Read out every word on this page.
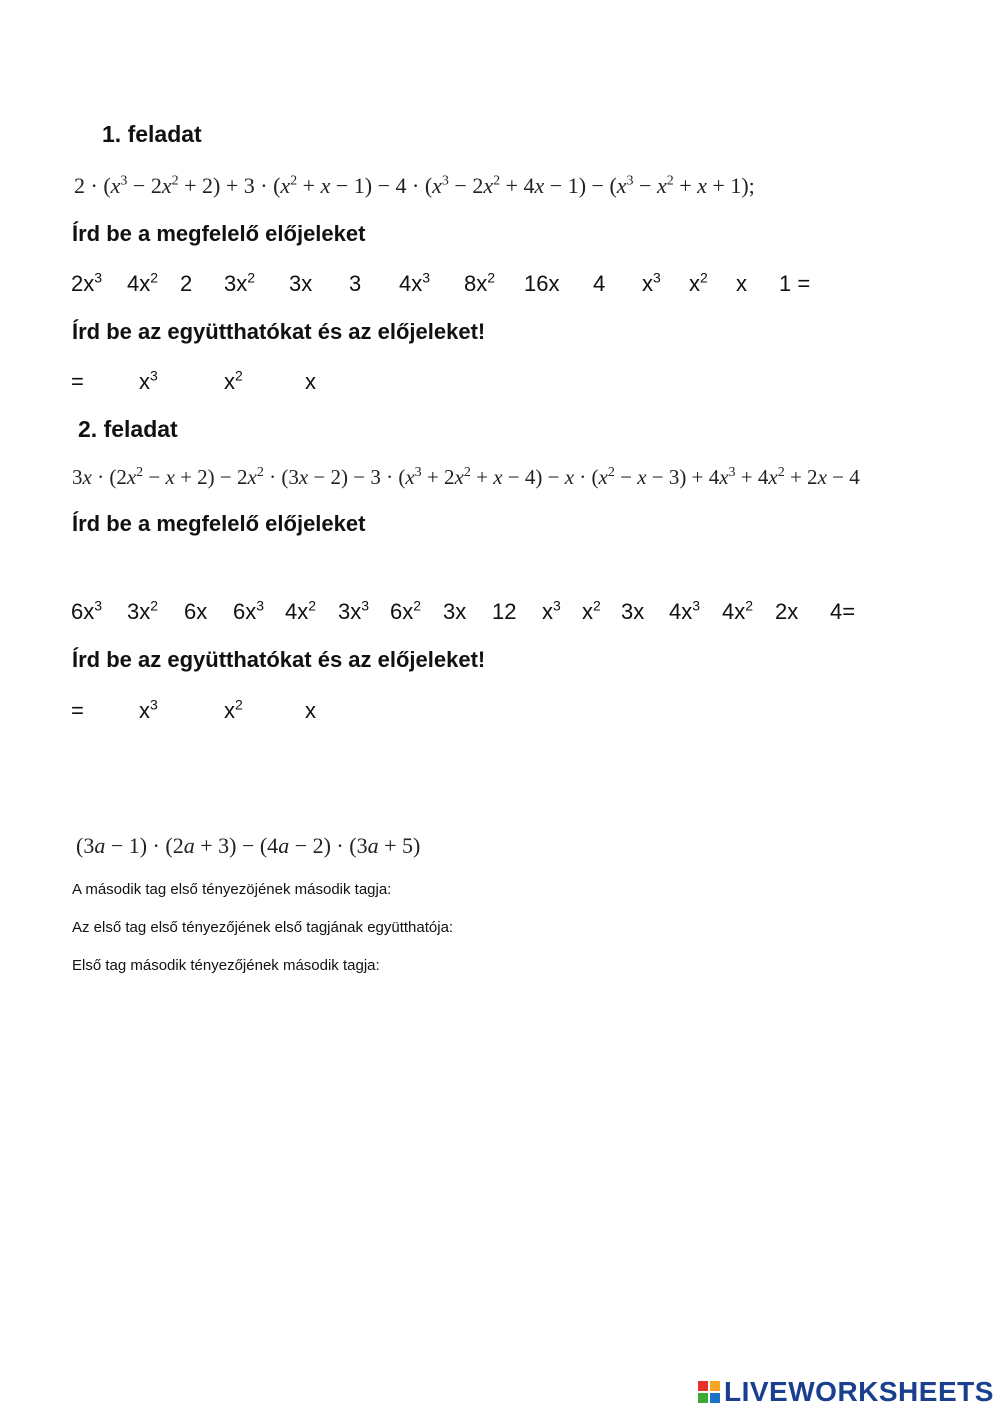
1. feladat
$2 \cdot (x^3 - 2x^2 + 2) + 3 \cdot (x^2 + x - 1) - 4 \cdot (x^3 - 2x^2 + 4x - 1) - (x^3 - x^2 + x + 1)$;
Írd be a megfelelő előjeleket
$2x^3$ $4x^2$ 2 $3x^2$ 3x 3 $4x^3$ $8x^2$ 16x 4 $x^3$ $x^2$ x 1 =
Írd be az együtthatókat és az előjeleket!
=	$x^3$	$x^2$	x
2. feladat
$3x \cdot (2x^2 - x + 2) - 2x^2 \cdot (3x - 2) - 3 \cdot (x^3 + 2x^2 + x - 4) - x \cdot (x^2 - x - 3) + 4x^3 + 4x^2 + 2x - 4$
Írd be a megfelelő előjeleket
$6x^3$ $3x^2$ 6x $6x^3$ $4x^2$ $3x^3$ $6x^2$ 3x 12 $x^3$ $x^2$ 3x $4x^3$ $4x^2$ 2x 4=
Írd be az együtthatókat és az előjeleket!
=	$x^3$	$x^2$	x
(3a − 1) · (2a + 3) − (4a − 2) · (3a + 5)
A második tag első tényezöjének második tagja:
Az első tag első tényezőjének első tagjának együtthatója:
Első tag második tényezőjének második tagja:
LIVEWORKSHEETS
